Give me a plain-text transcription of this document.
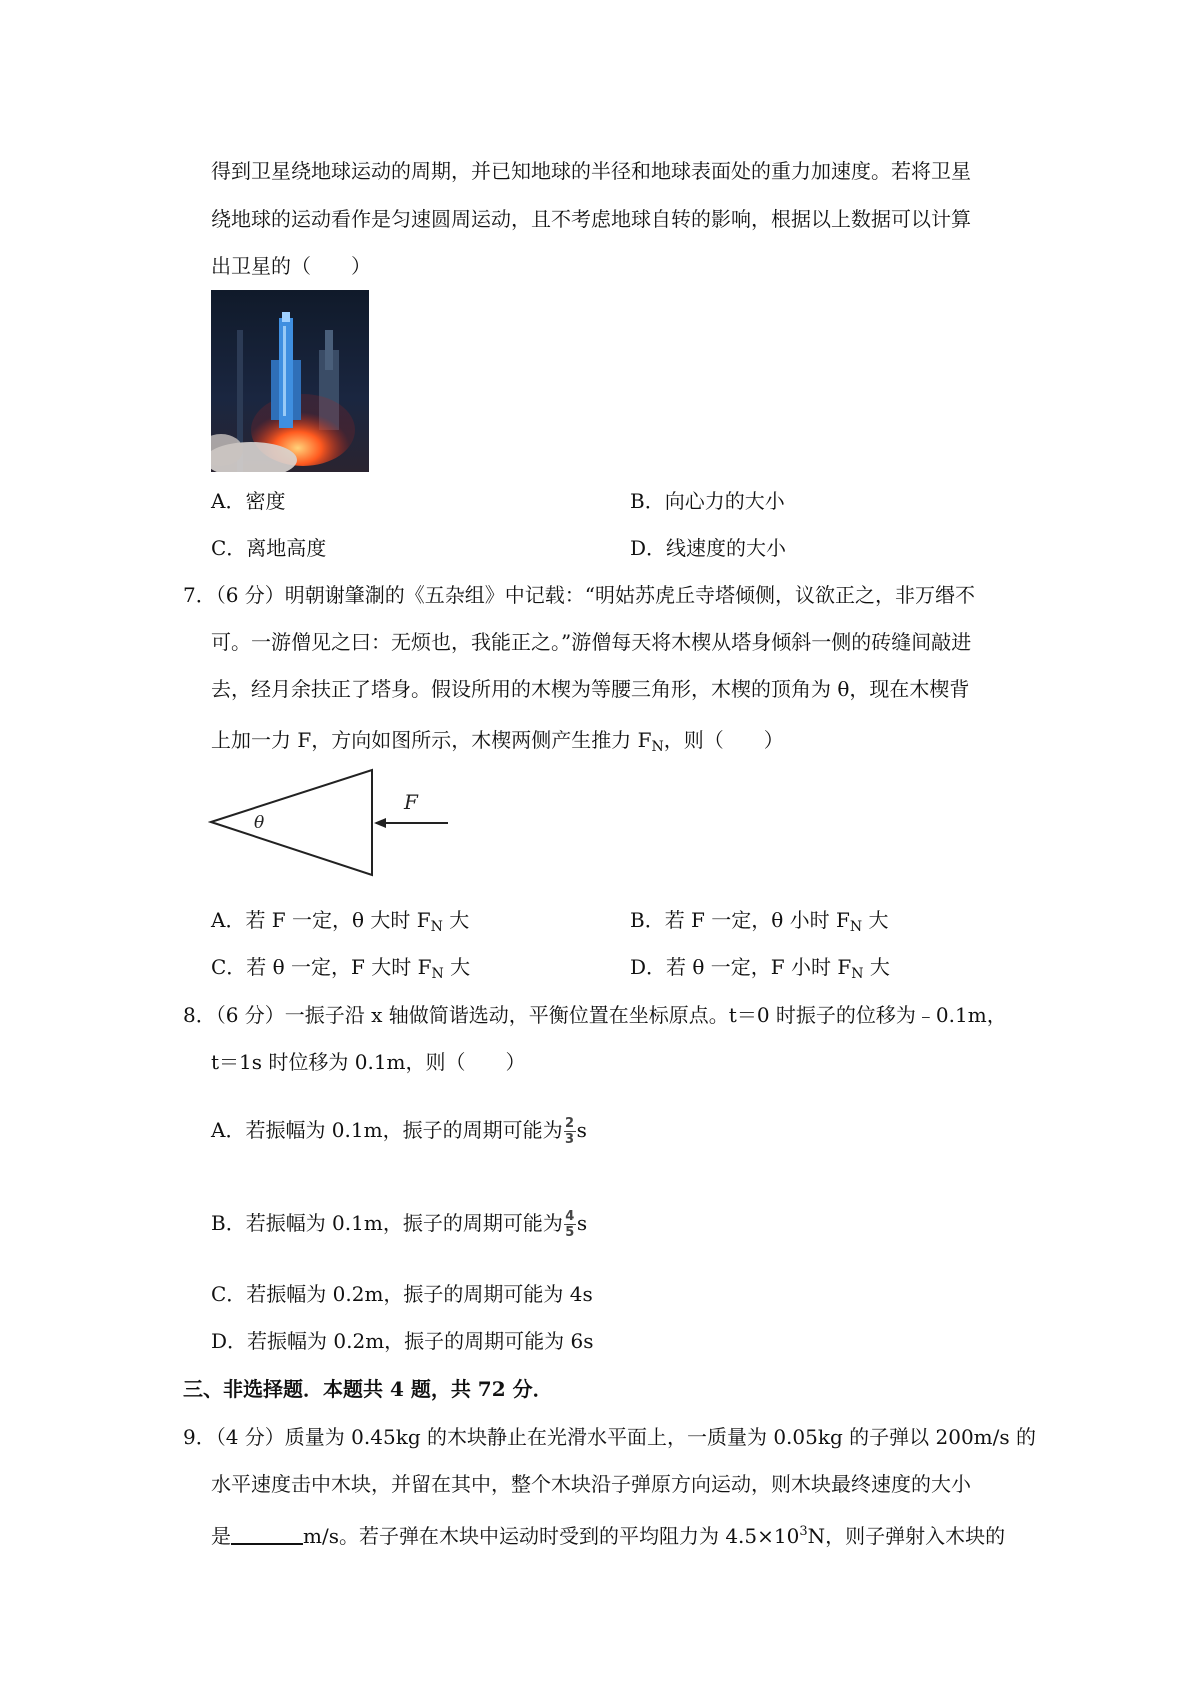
得到卫星绕地球运动的周期，并已知地球的半径和地球表面处的重力加速度。若将卫星
绕地球的运动看作是匀速圆周运动，且不考虑地球自转的影响，根据以上数据可以计算
出卫星的（　　）
A．密度	B．向心力的大小
C．离地高度	D．线速度的大小
7．（6 分）明朝谢肇淛的《五杂组》中记载：“明姑苏虎丘寺塔倾侧，议欲正之，非万缗不
可。一游僧见之曰：无烦也，我能正之。”游僧每天将木楔从塔身倾斜一侧的砖缝间敲进
去，经月余扶正了塔身。假设所用的木楔为等腰三角形，木楔的顶角为 θ，现在木楔背
上加一力 F，方向如图所示，木楔两侧产生推力 $F_N$，则（　　）
F
θ
A．若 F 一定，θ 大时 $F_N$ 大	B．若 F 一定，θ 小时 $F_N$ 大
C．若 θ 一定，F 大时 $F_N$ 大	D．若 θ 一定，F 小时 $F_N$ 大
8．（6 分）一振子沿 x 轴做简谐选动，平衡位置在坐标原点。t＝0 时振子的位移为﹣0.1m，
t＝1s 时位移为 0.1m，则（　　）
A．若振幅为 0.1m，振子的周期可能为 $\frac{2}{3}$ s
B．若振幅为 0.1m，振子的周期可能为 $\frac{4}{5}$ s
C．若振幅为 0.2m，振子的周期可能为 4s
D．若振幅为 0.2m，振子的周期可能为 6s
三、非选择题．本题共 4 题，共 72 分．
9．（4 分）质量为 0.45kg 的木块静止在光滑水平面上，一质量为 0.05kg 的子弹以 200m/s 的
水平速度击中木块，并留在其中，整个木块沿子弹原方向运动，则木块最终速度的大小
是	m/s。若子弹在木块中运动时受到的平均阻力为 $4.5\times 10^3N$，则子弹射入木块的
